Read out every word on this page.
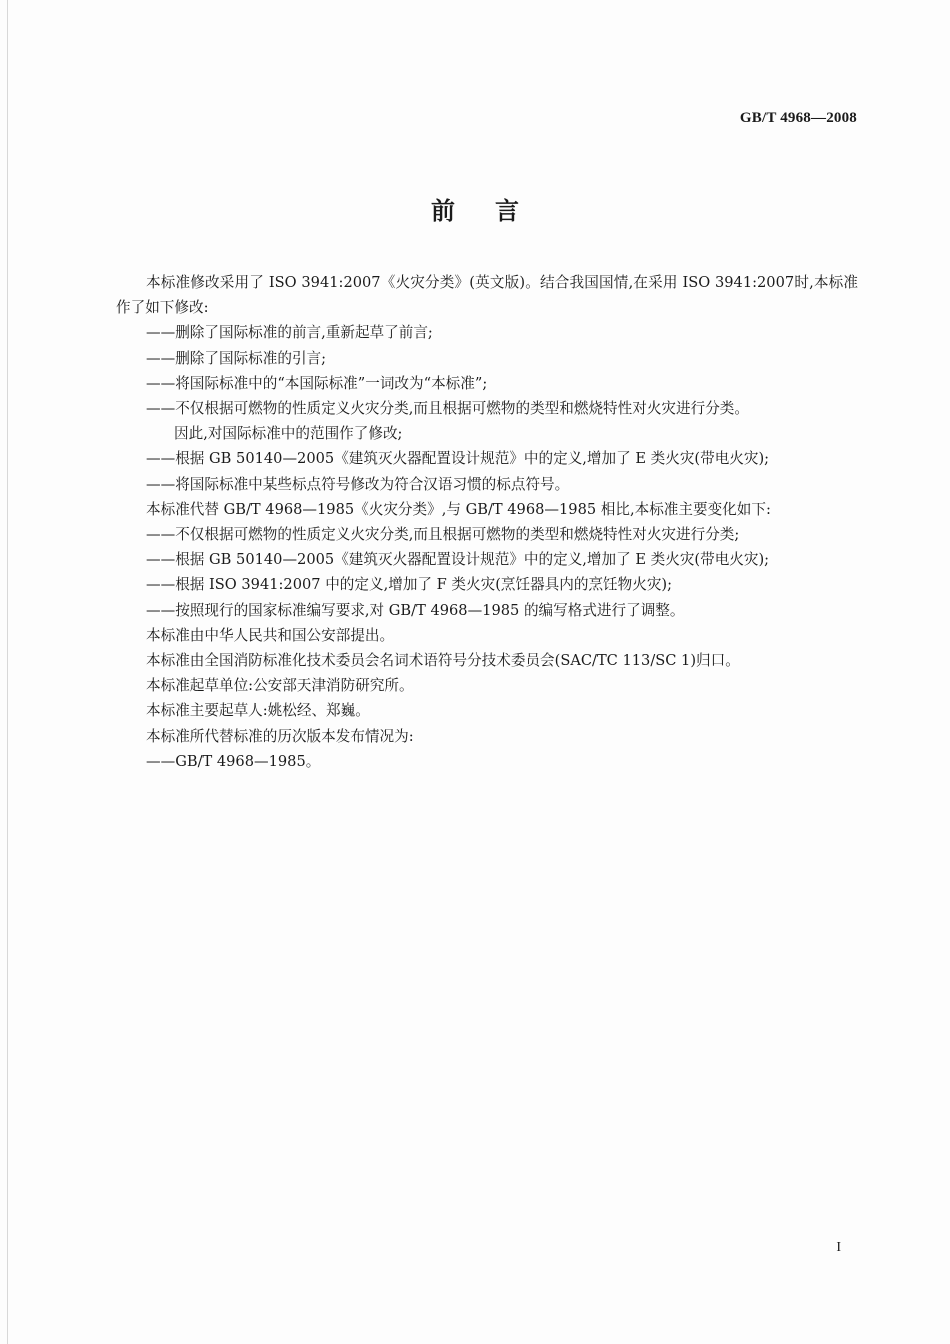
GB/T 4968—2008
前言

本标准修改采用了 ISO 3941:2007《火灾分类》(英文版)。结合我国国情,在采用 ISO 3941:2007时,本标准作了如下修改:

——删除了国际标准的前言,重新起草了前言;

——删除了国际标准的引言;

——将国际标准中的“本国际标准”一词改为“本标准”;

——不仅根据可燃物的性质定义火灾分类,而且根据可燃物的类型和燃烧特性对火灾进行分类。

因此,对国际标准中的范围作了修改;

——根据 GB 50140—2005《建筑灭火器配置设计规范》中的定义,增加了 E 类火灾(带电火灾);

——将国际标准中某些标点符号修改为符合汉语习惯的标点符号。

本标准代替 GB/T 4968—1985《火灾分类》,与 GB/T 4968—1985 相比,本标准主要变化如下:

——不仅根据可燃物的性质定义火灾分类,而且根据可燃物的类型和燃烧特性对火灾进行分类;

——根据 GB 50140—2005《建筑灭火器配置设计规范》中的定义,增加了 E 类火灾(带电火灾);

——根据 ISO 3941:2007 中的定义,增加了 F 类火灾(烹饪器具内的烹饪物火灾);

——按照现行的国家标准编写要求,对 GB/T 4968—1985 的编写格式进行了调整。

本标准由中华人民共和国公安部提出。

本标准由全国消防标准化技术委员会名词术语符号分技术委员会(SAC/TC 113/SC 1)归口。

本标准起草单位:公安部天津消防研究所。

本标准主要起草人:姚松经、郑巍。

本标准所代替标准的历次版本发布情况为:

——GB/T 4968—1985。

I
